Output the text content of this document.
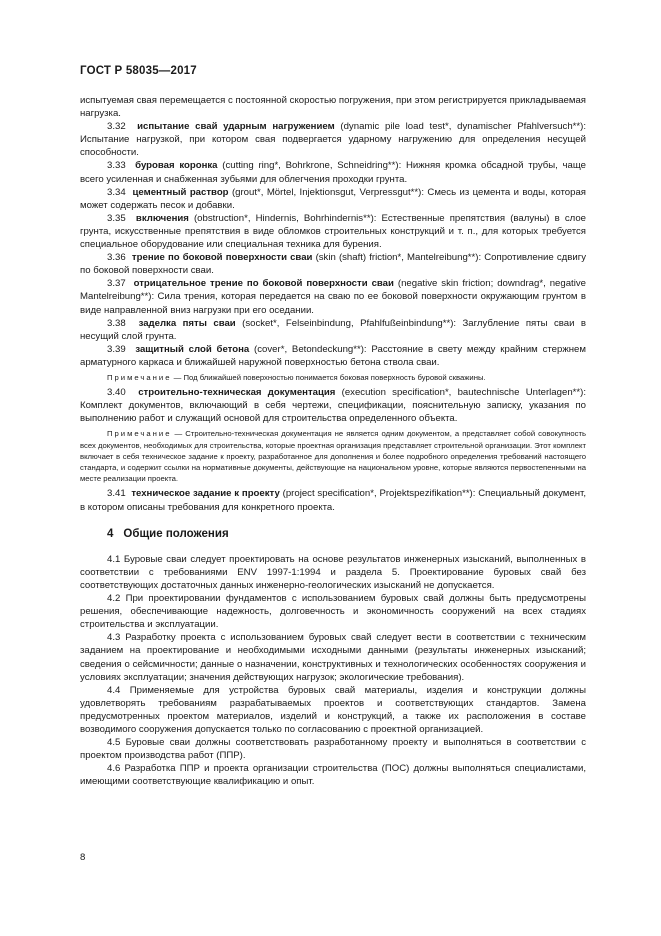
ГОСТ Р 58035—2017

испытуемая свая перемещается с постоянной скоростью погружения, при этом регистрируется прикладываемая нагрузка.

3.32 испытание свай ударным нагружением (dynamic pile load test*, dynamischer Pfahlversuch**): Испытание нагрузкой, при котором свая подвергается ударному нагружению для определения несущей способности.

3.33 буровая коронка (cutting ring*, Bohrkrone, Schneidring**): Нижняя кромка обсадной трубы, чаще всего усиленная и снабженная зубьями для облегчения проходки грунта.

3.34 цементный раствор (grout*, Mörtel, Injektionsgut, Verpressgut**): Смесь из цемента и воды, которая может содержать песок и добавки.

3.35 включения (obstruction*, Hindernis, Bohrhindernis**): Естественные препятствия (валуны) в слое грунта, искусственные препятствия в виде обломков строительных конструкций и т. п., для которых требуется специальное оборудование или специальная техника для бурения.

3.36 трение по боковой поверхности сваи (skin (shaft) friction*, Mantelreibung**): Сопротивление сдвигу по боковой поверхности сваи.

3.37 отрицательное трение по боковой поверхности сваи (negative skin friction; downdrag*, negative Mantelreibung**): Сила трения, которая передается на сваю по ее боковой поверхности окружающим грунтом в виде направленной вниз нагрузки при его оседании.

3.38 заделка пяты сваи (socket*, Felseinbindung, Pfahlfußeinbindung**): Заглубление пяты сваи в несущий слой грунта.

3.39 защитный слой бетона (cover*, Betondeckung**): Расстояние в свету между крайним стержнем арматурного каркаса и ближайшей наружной поверхностью бетона ствола сваи.

Примечание — Под ближайшей поверхностью понимается боковая поверхность буровой скважины.

3.40 строительно-техническая документация (execution specification*, bautechnische Unterlagen**): Комплект документов, включающий в себя чертежи, спецификации, пояснительную записку, указания по выполнению работ и служащий основой для строительства определенного объекта.

Примечание — Строительно-техническая документация не является одним документом, а представляет собой совокупность всех документов, необходимых для строительства, которые проектная организация представляет строительной организации. Этот комплект включает в себя техническое задание к проекту, разработанное для дополнения и более подробного определения требований настоящего стандарта, и содержит ссылки на нормативные документы, действующие на национальном уровне, которые являются первостепенными на месте реализации проекта.

3.41 техническое задание к проекту (project specification*, Projektspezifikation**): Специальный документ, в котором описаны требования для конкретного проекта.

4 Общие положения

4.1 Буровые сваи следует проектировать на основе результатов инженерных изысканий, выполненных в соответствии с требованиями ENV 1997-1:1994 и раздела 5. Проектирование буровых свай без соответствующих достаточных данных инженерно-геологических изысканий не допускается.

4.2 При проектировании фундаментов с использованием буровых свай должны быть предусмотрены решения, обеспечивающие надежность, долговечность и экономичность сооружений на всех стадиях строительства и эксплуатации.

4.3 Разработку проекта с использованием буровых свай следует вести в соответствии с техническим заданием на проектирование и необходимыми исходными данными (результаты инженерных изысканий; сведения о сейсмичности; данные о назначении, конструктивных и технологических особенностях сооружения и условиях эксплуатации; значения действующих нагрузок; экологические требования).

4.4 Применяемые для устройства буровых свай материалы, изделия и конструкции должны удовлетворять требованиям разрабатываемых проектов и соответствующих стандартов. Замена предусмотренных проектом материалов, изделий и конструкций, а также их расположения в составе возводимого сооружения допускается только по согласованию с проектной организацией.

4.5 Буровые сваи должны соответствовать разработанному проекту и выполняться в соответствии с проектом производства работ (ППР).

4.6 Разработка ППР и проекта организации строительства (ПОС) должны выполняться специалистами, имеющими соответствующие квалификацию и опыт.

8
